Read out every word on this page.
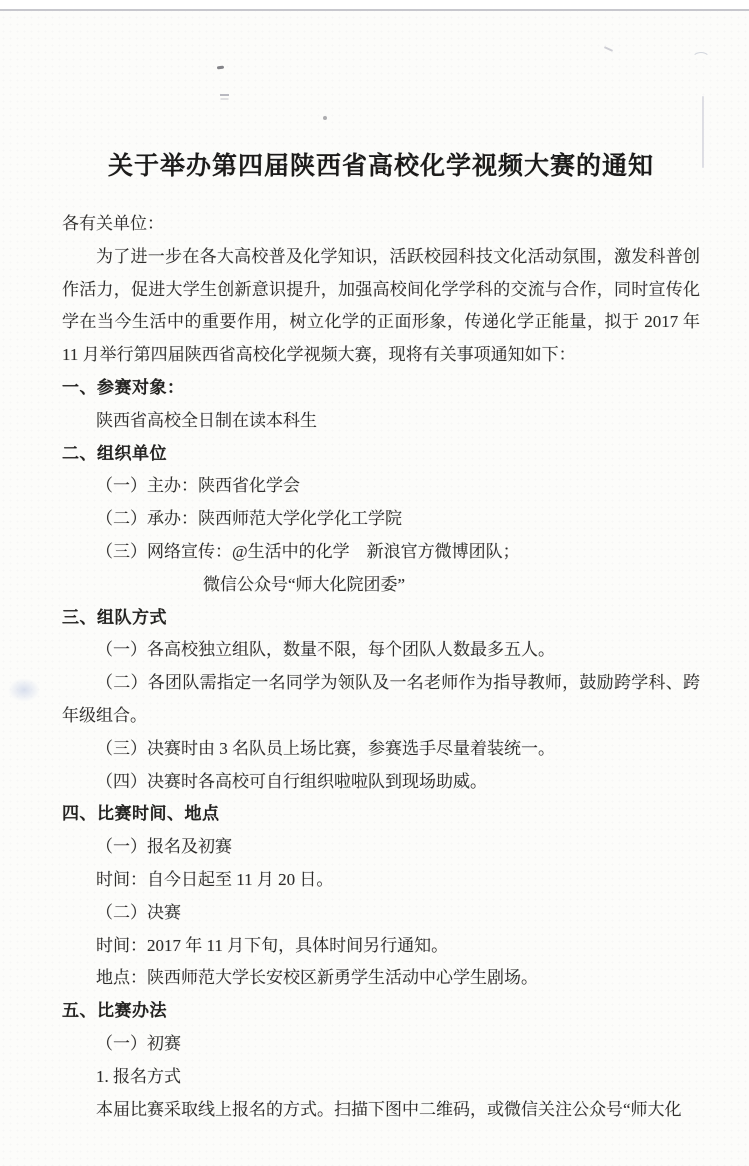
关于举办第四届陕西省高校化学视频大赛的通知
各有关单位：

为了进一步在各大高校普及化学知识，活跃校园科技文化活动氛围，激发科普创作活力，促进大学生创新意识提升，加强高校间化学学科的交流与合作，同时宣传化学在当今生活中的重要作用，树立化学的正面形象，传递化学正能量，拟于 2017 年 11 月举行第四届陕西省高校化学视频大赛，现将有关事项通知如下：

一、参赛对象：
陕西省高校全日制在读本科生
二、组织单位
（一）主办：陕西省化学会
（二）承办：陕西师范大学化学化工学院
（三）网络宣传：@生活中的化学　新浪官方微博团队；
微信公众号“师大化院团委”
三、组队方式
（一）各高校独立组队，数量不限，每个团队人数最多五人。

（二）各团队需指定一名同学为领队及一名老师作为指导教师，鼓励跨学科、跨年级组合。

（三）决赛时由 3 名队员上场比赛，参赛选手尽量着装统一。
（四）决赛时各高校可自行组织啦啦队到现场助威。
四、比赛时间、地点
（一）报名及初赛
时间：自今日起至 11 月 20 日。
（二）决赛
时间：2017 年 11 月下旬，具体时间另行通知。
地点：陕西师范大学长安校区新勇学生活动中心学生剧场。
五、比赛办法
（一）初赛
1. 报名方式

本届比赛采取线上报名的方式。扫描下图中二维码，或微信关注公众号“师大化
